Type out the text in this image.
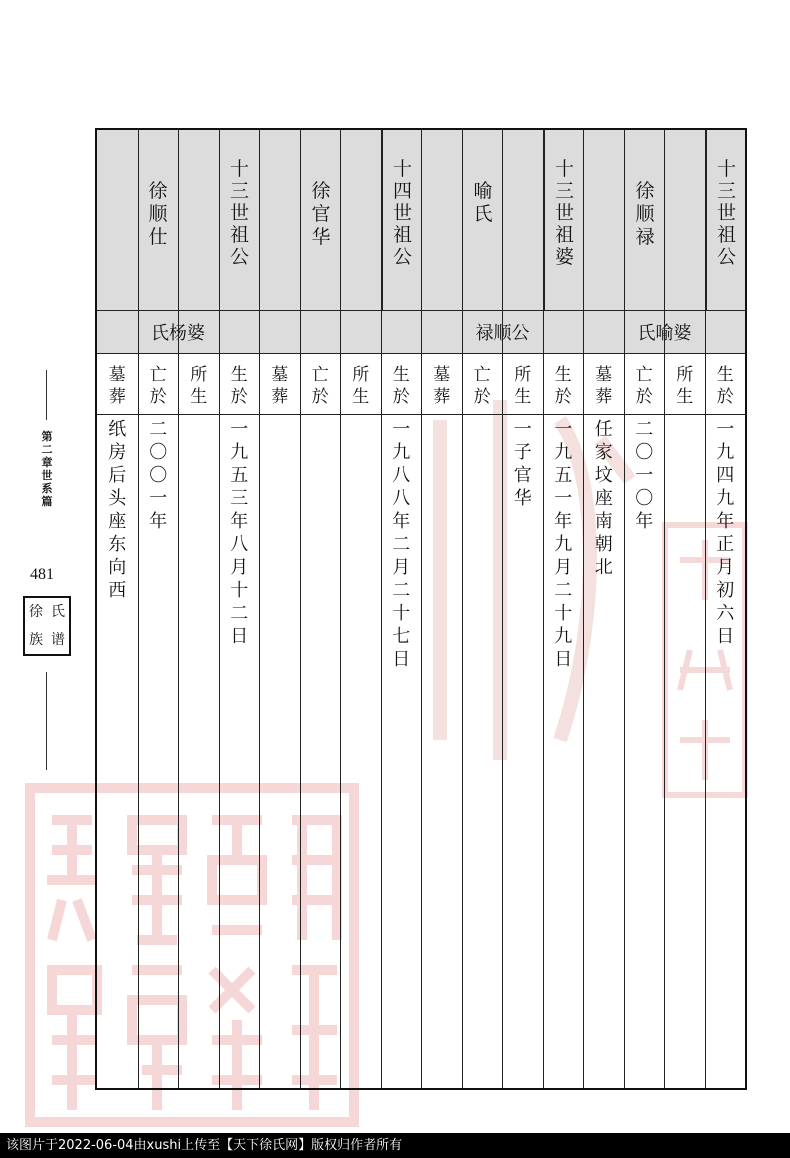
十
三
世
祖
公
徐
顺
禄
氏喻婆
生
於
一
九
四
九
年
正
月
初
六
日
所
生
亡
於
二
〇
一
〇
年
墓
葬
任
家
坟
座
南
朝
北
十
三
世
祖
婆
喻
氏
禄顺公
生
於
一
九
五
一
年
九
月
二
十
九
日
所
生
一
子
官
华
亡
於
墓
葬
十
四
世
祖
公
徐
官
华
生
於
一
九
八
八
年
二
月
二
十
七
日
所
生
亡
於
墓
葬
十
三
世
祖
公
徐
顺
仕
氏杨婆
生
於
一
九
五
三
年
八
月
十
二
日
所
生
亡
於
二
〇
〇
一
年
墓
葬
纸
房
后
头
座
东
向
西
第
二
章
世
系
篇
481
徐 氏
族 谱
该图片于2022-06-04由xushi上传至【天下徐氏网】版权归作者所有
